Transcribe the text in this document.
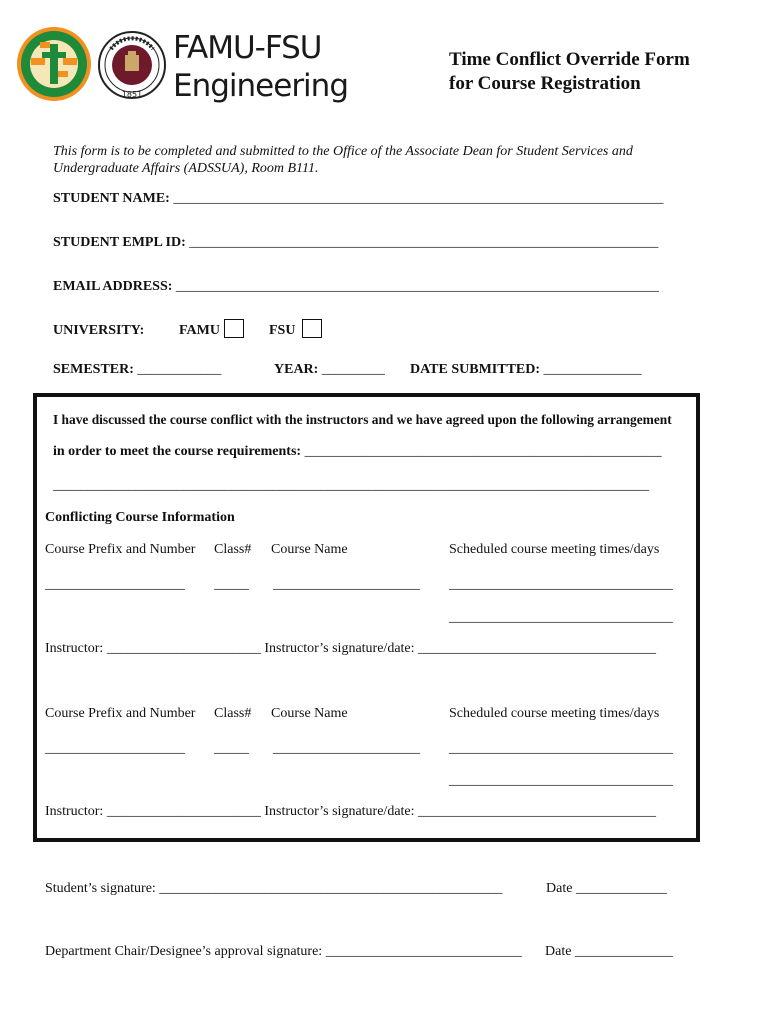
1851
FAMU-FSU
Engineering
Time Conflict Override Form
for Course Registration
This form is to be completed and submitted to the Office of the Associate Dean for Student Services and
Undergraduate Affairs (ADSSUA), Room B111.
STUDENT NAME: ______________________________________________________________________
STUDENT EMPL ID: ___________________________________________________________________
EMAIL ADDRESS: _____________________________________________________________________
UNIVERSITY: FAMU	FSU
SEMESTER: ____________	YEAR: _________ DATE SUBMITTED: ______________
I have discussed the course conflict with the instructors and we have agreed upon the following arrangement
in order to meet the course requirements: ___________________________________________________
_______________________________________________________________________________________
Conflicting Course Information
Course Prefix and Number Class# Course Name	Scheduled course meeting times/days
____________________ _____ _____________________ ________________________________
________________________________
Instructor: ______________________ Instructor’s signature/date: __________________________________
Course Prefix and Number Class# Course Name	Scheduled course meeting times/days
____________________ _____ _____________________ ________________________________
________________________________
Instructor: ______________________ Instructor’s signature/date: __________________________________
Student’s signature: _________________________________________________	Date _____________
Department Chair/Designee’s approval signature: ____________________________ Date ______________
